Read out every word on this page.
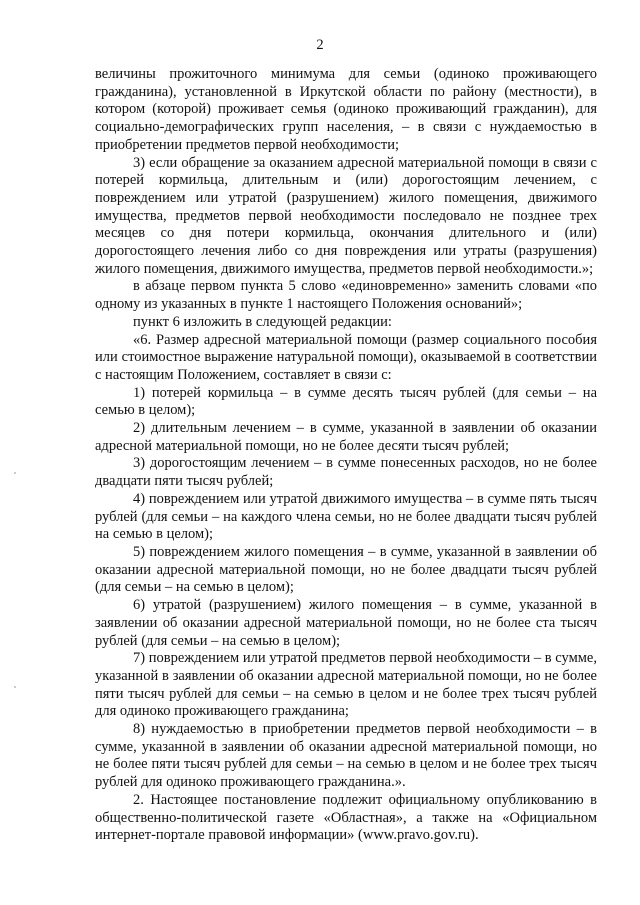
2

величины прожиточного минимума для семьи (одиноко проживающего гражданина), установленной в Иркутской области по району (местности), в котором (которой) проживает семья (одиноко проживающий гражданин), для социально-демографических групп населения, – в связи с нуждаемостью в приобретении предметов первой необходимости;

3) если обращение за оказанием адресной материальной помощи в связи с потерей кормильца, длительным и (или) дорогостоящим лечением, с повреждением или утратой (разрушением) жилого помещения, движимого имущества, предметов первой необходимости последовало не позднее трех месяцев со дня потери кормильца, окончания длительного и (или) дорогостоящего лечения либо со дня повреждения или утраты (разрушения) жилого помещения, движимого имущества, предметов первой необходимости.»;

в абзаце первом пункта 5 слово «единовременно» заменить словами «по одному из указанных в пункте 1 настоящего Положения оснований»;

пункт 6 изложить в следующей редакции:

«6. Размер адресной материальной помощи (размер социального пособия или стоимостное выражение натуральной помощи), оказываемой в соответствии с настоящим Положением, составляет в связи с:

1) потерей кормильца – в сумме десять тысяч рублей (для семьи – на семью в целом);

2) длительным лечением – в сумме, указанной в заявлении об оказании адресной материальной помощи, но не более десяти тысяч рублей;

3) дорогостоящим лечением – в сумме понесенных расходов, но не более двадцати пяти тысяч рублей;

4) повреждением или утратой движимого имущества – в сумме пять тысяч рублей (для семьи – на каждого члена семьи, но не более двадцати тысяч рублей на семью в целом);

5) повреждением жилого помещения – в сумме, указанной в заявлении об оказании адресной материальной помощи, но не более двадцати тысяч рублей (для семьи – на семью в целом);

6) утратой (разрушением) жилого помещения – в сумме, указанной в заявлении об оказании адресной материальной помощи, но не более ста тысяч рублей (для семьи – на семью в целом);

7) повреждением или утратой предметов первой необходимости – в сумме, указанной в заявлении об оказании адресной материальной помощи, но не более пяти тысяч рублей для семьи – на семью в целом и не более трех тысяч рублей для одиноко проживающего гражданина;

8) нуждаемостью в приобретении предметов первой необходимости – в сумме, указанной в заявлении об оказании адресной материальной помощи, но не более пяти тысяч рублей для семьи – на семью в целом и не более трех тысяч рублей для одиноко проживающего гражданина.».

2. Настоящее постановление подлежит официальному опубликованию в общественно-политической газете «Областная», а также на «Официальном интернет-портале правовой информации» (www.pravo.gov.ru).
